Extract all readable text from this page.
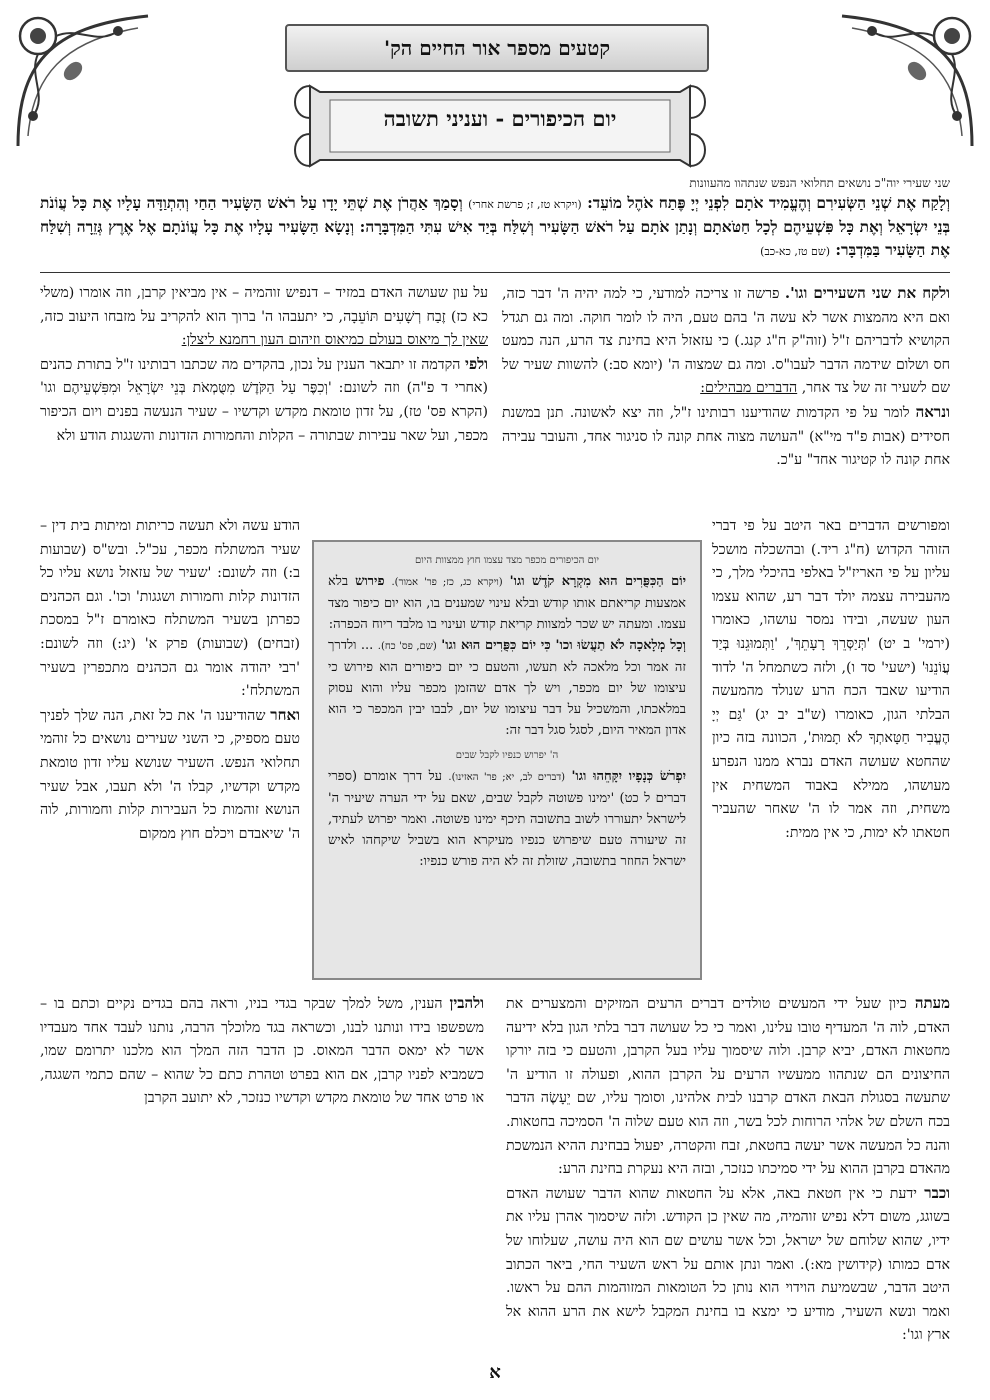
קטעים מספר אור החיים הק'
יום הכיפורים - ועניני תשובה
שני שעירי יוה"כ נושאים תחלואי הנפש שנתהוו מהעוונות
וְלָקַח אֶת שְׁנֵי הַשְּׂעִירִם וְהֶעֱמִיד אֹתָם לִפְנֵי יְיָ פֶּתַח אֹהֶל מוֹעֵד: (ויקרא טז, ז; פרשת אחרי) וְסָמַךְ אַהֲרֹן אֶת שְׁתֵּי יָדָו עַל רֹאשׁ הַשָּׂעִיר הַחַי וְהִתְוַדָּה עָלָיו אֶת כָּל עֲוֹנֹת בְּנֵי יִשְׂרָאֵל וְאֶת כָּל פִּשְׁעֵיהֶם לְכָל חַטֹּאתָם וְנָתַן אֹתָם עַל רֹאשׁ הַשָּׂעִיר וְשִׁלַּח בְּיַד אִישׁ עִתִּי הַמִּדְבָּרָה: וְנָשָׂא הַשָּׂעִיר עָלָיו אֶת כָּל עֲוֹנֹתָם אֶל אֶרֶץ גְּזֵרָה וְשִׁלַּח אֶת הַשָּׂעִיר בַּמִּדְבָּר: (שם טז, כא-כב)
ולקח את שני השעירים וגו'. פרשה זו צריכה למודעי, כי למה יהיה ה' דבר כזה, ואם היא מהמצות אשר לא עשה ה' בהם טעם, היה לו לומר חוקה. ומה גם תגדל הקושיא לדבריהם ז"ל (זוה"ק ח"ג קנג.) כי עזאזל היא בחינת צד הרע, הנה כמעט חס ושלום שידמה הדבר לעבו"ס. ומה גם שמצוה ה' (יומא סב:) להשוות שעיר של שם לשעיר זה של צד אחר, הדברים מבהילים:
ונראה לומר על פי הקדמות שהודיענו רבותינו ז"ל, וזה יצא לאשונה. תנן במשנת חסידים (אבות פ"ד מי"א) "העושה מצוה אחת קונה לו סניגור אחד, והעובר עבירה אחת קונה לו קטיגור אחד" ע"כ.
על עון שעושה האדם במזיד – דנפיש זוהמיה – אין מביאין קרבן, וזה אומרו (משלי כא כז) זֶבַח רְשָׁעִים תּוֹעֵבָה, כי יתעבהו ה' ברוך הוא להקריב על מזבחו היעוב כזה, שאין לך מיאוס בעולם כמיאוס וזיהום העון רחמנא ליצלן:
ולפי הקדמה זו יתבאר הענין על נכון, בהקדים מה שכתבו רבותינו ז"ל בתורת כהנים (אחרי ד פ"ה) וזה לשונם: 'וְכִפֶּר עַל הַקֹּדֶשׁ מִטֻּמְאֹת בְּנֵי יִשְׂרָאֵל וּמִפִּשְׁעֵיהֶם וגו' (הקרא פס' טז), על זדון טומאת מקדש וקדשיו – שעיר הנעשה בפנים ויום הכיפור מכפר, ועל שאר עבירות שבתורה – הקלות והחמורות הזדונות והשגגות הודע ולא
ומפורשים הדברים באר היטב על פי דברי הזוהר הקדוש (ח"ג ריד.) ובהשכלה מושכל עליון על פי האריז"ל באלפי בהיכלי מלך, כי מהעבירה עצמה יולד דבר רע, שהוא עצמו העון שעשה, ובידו נמסר עושהו, כאומרו (ירמי' ב יט) 'תְּיַסְּרֵךְ רָעָתֵךְ', 'וַתְּמוּגֵנוּ בְּיַד עֲוֹנֵנוּ' (ישעי' סד ו), ולזה כשתמחל ה' לדוד הודיעו שאבד הכח הרע שנולד מהמעשה הבלתי הגון, כאומרו (ש"ב יב יג) 'גַּם יְיָ הֶעֱבִיר חַטָּאתְךָ לֹא תָמוּת', הכוונה בזה כיון שהחטא שעושה האדם נברא ממנו הנפרע מעושהו, ממילא באבוד המשחית אין משחית, וזה אמר לו ה' שאחר שהעביר חטאתו לא ימות, כי אין ממית:
הודע עשה ולא תעשה כריתות ומיתות בית דין – שעיר המשתלח מכפר, עכ"ל. ובש"ס (שבועות ב:) וזה לשונם: 'שעיר של עזאזל נושא עליו כל הזדונות קלות וחמורות ושגגות' וכו'. וגם הכהנים כפרתן בשעיר המשתלח כאומרם ז"ל במסכת (זבחים) (שבועות) פרק א' (יג:) וזה לשונם: 'רבי יהודה אומר גם הכהנים מתכפרין בשעיר המשתלח':
ואחר שהודיענו ה' את כל זאת, הנה שלך לפניך טעם מספיק, כי השני שעירים נושאים כל זוהמי תחלואי הנפש. השעיר שנושא עליו זדון טומאת מקדש וקדשיו, קבלו ה' ולא תעבו, אבל שעיר הנושא זוהמות כל העבירות קלות וחמורות, לוה ה' שיאבדם ויכלם חוץ ממקום
יום הכיפורים מכפר מצד עצמו חוץ ממצוות היום
יוֹם הַכִּפֻּרִים הוּא מִקְרָא קֹדֶשׁ וגו' (ויקרא כג, כז; פר' אמור). פירוש בלא אמצעות קריאתם אותו קודש ובלא עינוי שמענים בו, הוא יום כיפור מצד עצמו. ומעתה יש שכר למצוות קריאת קודש ועינוי בו מלבד ריוח הכפרה:
וְכָל מְלָאכָה לֹא תַעֲשׂוּ וכו' כִּי יוֹם כִּפֻּרִים הוּא וגו' (שם, פס' כח). ... ולדרך זה אמר וכל מלאכה לא תעשו, והטעם כי יום כיפורים הוא פירוש כי עיצומו של יום מכפר, ויש לך אדם שהזמן מכפר עליו והוא עסוק במלאכתו, והמשכיל על דבר עיצומו של יום, לבבו יבין המכפר כי הוא אדון המאיר היום, לסגל סגל דבר זה:
ה' יפרוש כנפיו לקבל שבים
יִפְרֹשׂ כְּנָפָיו יִקָּחֵהוּ וגו' (דברים לב, יא; פר' האזינו). על דרך אומרם (ספרי דברים ל כט) 'ימינו פשוטה לקבל שבים, שאם על ידי הערה שיעיר ה' לישראל יתעוררו לשוב בתשובה תיכף ימינו פשוטה. ואמר יפרוש לעתיד, זה שיעורה טעם שיפרוש כנפיו מעיקרא הוא בשביל שיקחהו לאיש ישראל החוזר בתשובה, שזולת זה לא היה פורש כנפיו:
מעתה כיון שעל ידי המעשים טולדים דברים הרעים המזיקים והמצערים את האדם, לוה ה' המעדיף טובו עלינו, ואמר כי כל שעושה דבר בלתי הגון בלא ידיעה מחטאות האדם, יביא קרבן. ולוה שיסמוך עליו בעל הקרבן, והטעם כי בזה יורקו החיצונים הם שנתהוו ממעשיו הרעים על הקרבן ההוא, ופעולה זו הודיע ה' שתעשה בסגולת הבאת האדם קרבנו לבית אלהינו, וסומך עליו, שם יֵעָשֶׂה הדבר בכח השלם של אלהי הרוחות לכל בשר, וזה הוא טעם שלוה ה' הסמיכה בחטאות. והנה כל המעשה אשר יעשה בחטאת, זבח והקטרה, יפעול בבחינת ההיא הנמשכת מהאדם בקרבן ההוא על ידי סמיכתו כנזכר, ובזה היא נעקרת בחינת הרע:
וכבר ידעת כי אין חטאת באה, אלא על החטאות שהוא הדבר שעושה האדם בשוגג, משום דלא נפיש זוהמיה, מה שאין כן הקודש. ולזה שיסמוך אהרן עליו את ידיו, שהוא שלוחם של ישראל, וכל אשר עושים שם הוא היה עושה, שעלוחו של אדם כמותו (קידושין מא:). ואמר ונתן אותם על ראש השעיר החי, ביאר הכתוב היטב הדבר, שבשמיעת הוידוי הוא נותן כל הטומאות המזוהמות ההם על ראשו. ואמר ונשא השעיר, מודיע כי ימצא בו בחינת המקבל לישא את הרע ההוא אל ארץ וגו':
ולהבין הענין, משל למלך שבקר בגדי בניו, וראה בהם בגדים נקיים וכתם בו – משפשפו בידו ונותנו לבנו, וכשראה בגד מלוכלך הרבה, נותנו לעבד אחד מעבדיו אשר לא ימאס הדבר המאוס. כן הדבר הזה המלך הוא מלכנו יתרומם שמו, כשמביא לפניו קרבן, אם הוא בפרט וטהרת כתם כל שהוא – שהם כתמי השגגה, או פרט אחד של טומאת מקדש וקדשיו כנזכר, לא יתועב הקרבן
א
